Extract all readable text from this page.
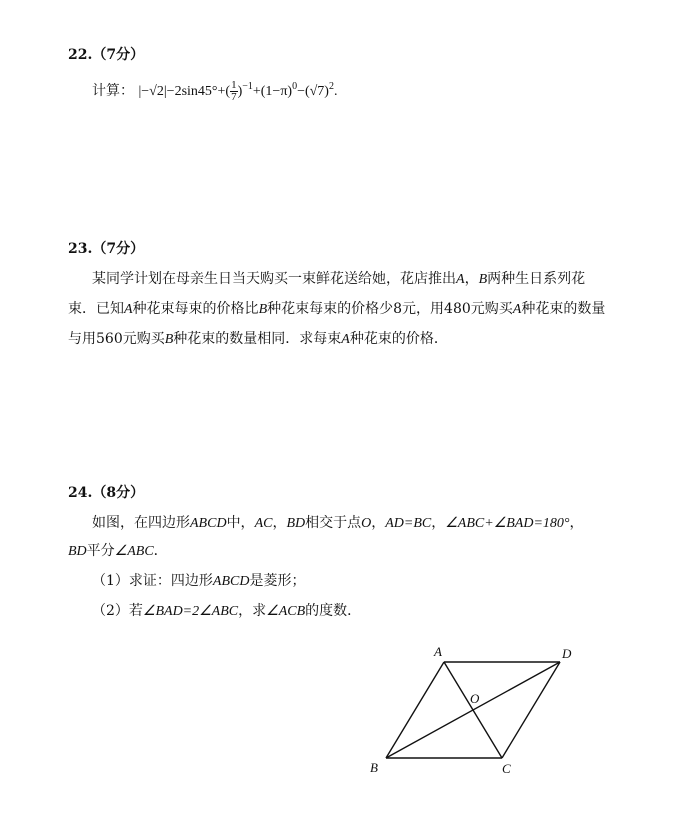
22.（7分）
计算： $|-√2|-2\sin 45^\circ+( \frac{1}{7} )^{-1}+(1-\pi)^0-(√7)^2$.
23.（7分）
某同学计划在母亲生日当天购买一束鲜花送给她，花店推出A，B两种生日系列花
束．已知A种花束每束的价格比B种花束每束的价格少8元，用480元购买A种花束的数量
与用560元购买B种花束的数量相同．求每束A种花束的价格．
24.（8分）
如图，在四边形ABCD中，AC，BD相交于点O，AD=BC，∠ABC+∠BAD=180°，
BD平分∠ABC．
（1）求证：四边形ABCD是菱形；
（2）若∠BAD=2∠ABC，求∠ACB的度数．
A	D
B	C
O
